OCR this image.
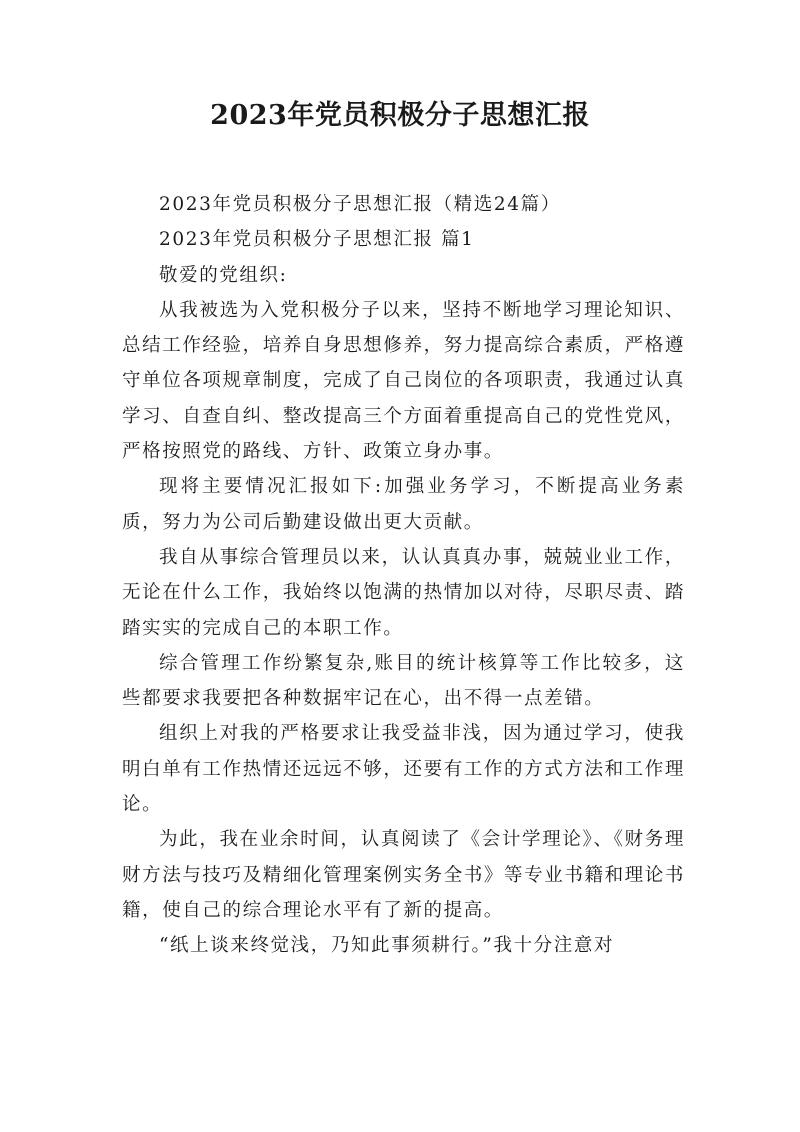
2023年党员积极分子思想汇报

2023年党员积极分子思想汇报（精选24篇）

2023年党员积极分子思想汇报 篇1

敬爱的党组织:

从我被选为入党积极分子以来，坚持不断地学习理论知识、总结工作经验，培养自身思想修养，努力提高综合素质，严格遵守单位各项规章制度，完成了自己岗位的各项职责，我通过认真学习、自查自纠、整改提高三个方面着重提高自己的党性党风，严格按照党的路线、方针、政策立身办事。

现将主要情况汇报如下:加强业务学习，不断提高业务素质，努力为公司后勤建设做出更大贡献。

我自从事综合管理员以来，认认真真办事，兢兢业业工作，无论在什么工作，我始终以饱满的热情加以对待，尽职尽责、踏踏实实的完成自己的本职工作。

综合管理工作纷繁复杂,账目的统计核算等工作比较多，这些都要求我要把各种数据牢记在心，出不得一点差错。

组织上对我的严格要求让我受益非浅，因为通过学习，使我明白单有工作热情还远远不够，还要有工作的方式方法和工作理论。

为此，我在业余时间，认真阅读了《会计学理论》、《财务理财方法与技巧及精细化管理案例实务全书》等专业书籍和理论书籍，使自己的综合理论水平有了新的提高。

“纸上谈来终觉浅，乃知此事须耕行。”我十分注意对
